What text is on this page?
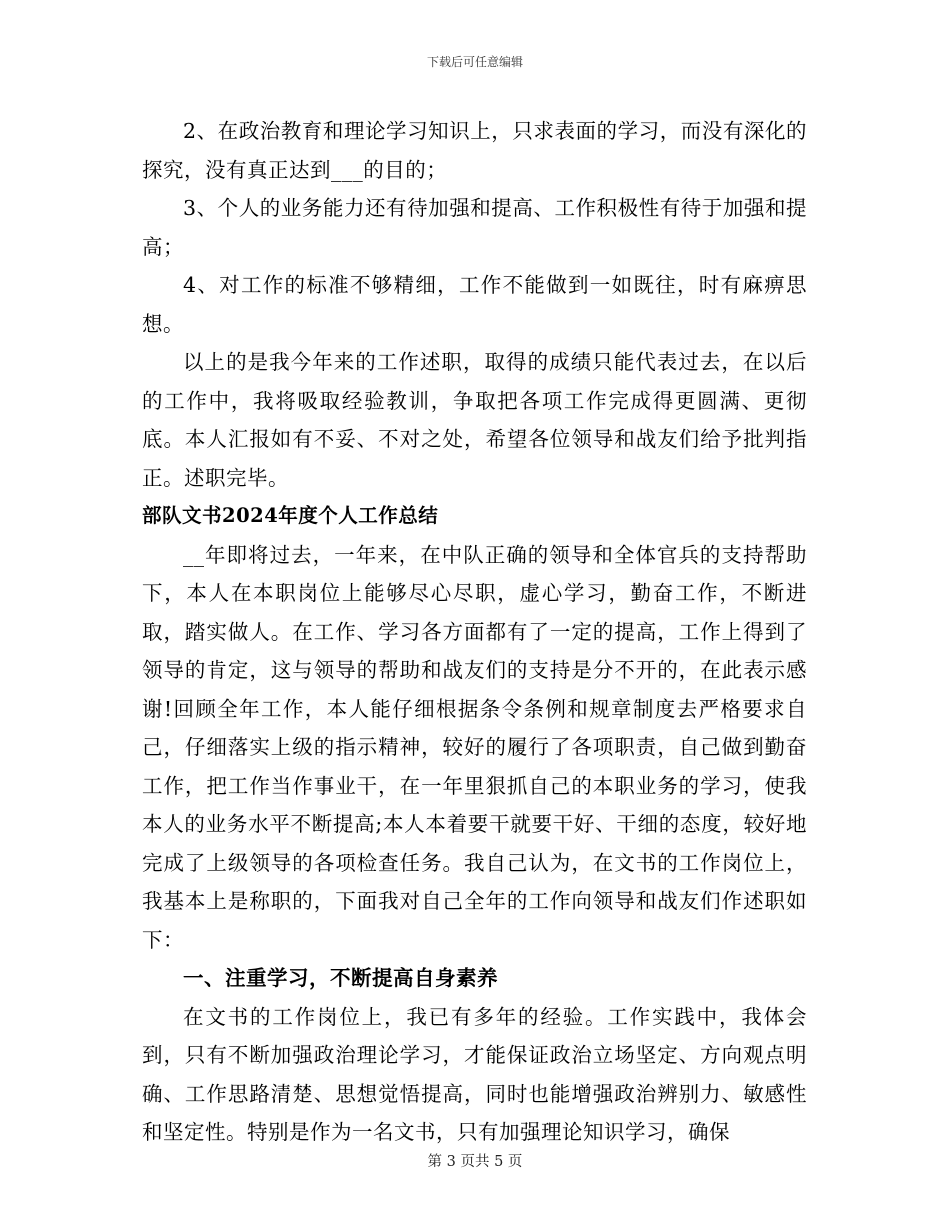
下载后可任意编辑

2、在政治教育和理论学习知识上，只求表面的学习，而没有深化的探究，没有真正达到___的目的；

3、个人的业务能力还有待加强和提高、工作积极性有待于加强和提高；

4、对工作的标准不够精细，工作不能做到一如既往，时有麻痹思想。

以上的是我今年来的工作述职，取得的成绩只能代表过去，在以后的工作中，我将吸取经验教训，争取把各项工作完成得更圆满、更彻底。本人汇报如有不妥、不对之处，希望各位领导和战友们给予批判指正。述职完毕。

部队文书2024年度个人工作总结

__年即将过去，一年来，在中队正确的领导和全体官兵的支持帮助下，本人在本职岗位上能够尽心尽职，虚心学习，勤奋工作，不断进取，踏实做人。在工作、学习各方面都有了一定的提高，工作上得到了领导的肯定，这与领导的帮助和战友们的支持是分不开的，在此表示感谢!回顾全年工作，本人能仔细根据条令条例和规章制度去严格要求自己，仔细落实上级的指示精神，较好的履行了各项职责，自己做到勤奋工作，把工作当作事业干，在一年里狠抓自己的本职业务的学习，使我本人的业务水平不断提高;本人本着要干就要干好、干细的态度，较好地完成了上级领导的各项检查任务。我自己认为，在文书的工作岗位上，我基本上是称职的，下面我对自己全年的工作向领导和战友们作述职如下：

一、注重学习，不断提高自身素养

在文书的工作岗位上，我已有多年的经验。工作实践中，我体会到，只有不断加强政治理论学习，才能保证政治立场坚定、方向观点明确、工作思路清楚、思想觉悟提高，同时也能增强政治辨别力、敏感性和坚定性。特别是作为一名文书，只有加强理论知识学习，确保

第 3 页共 5 页
